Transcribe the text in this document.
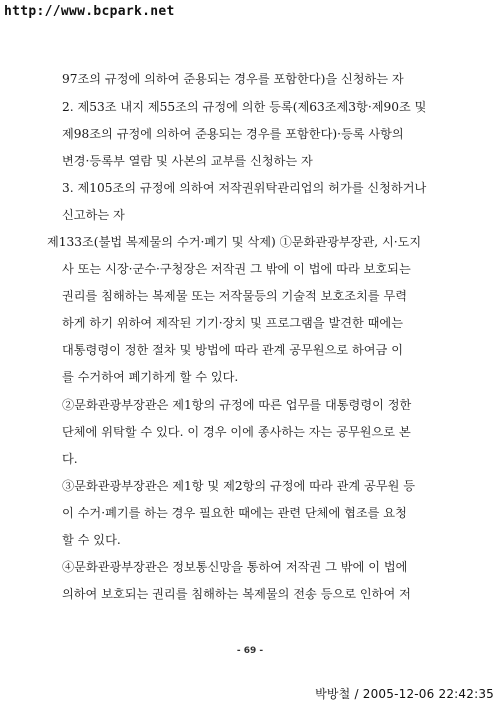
http://www.bcpark.net
97조의 규정에 의하여 준용되는 경우를 포함한다)을 신청하는 자
2. 제53조 내지 제55조의 규정에 의한 등록(제63조제3항·제90조 및
제98조의 규정에 의하여 준용되는 경우를 포함한다)·등록 사항의
변경·등록부 열람 및 사본의 교부를 신청하는 자
3. 제105조의 규정에 의하여 저작권위탁관리업의 허가를 신청하거나
신고하는 자
제133조(불법 복제물의 수거·폐기 및 삭제) ①문화관광부장관, 시·도지
사 또는 시장·군수·구청장은 저작권 그 밖에 이 법에 따라 보호되는
권리를 침해하는 복제물 또는 저작물등의 기술적 보호조치를 무력
하게 하기 위하여 제작된 기기·장치 및 프로그램을 발견한 때에는
대통령령이 정한 절차 및 방법에 따라 관계 공무원으로 하여금 이
를 수거하여 폐기하게 할 수 있다.
②문화관광부장관은 제1항의 규정에 따른 업무를 대통령령이 정한
단체에 위탁할 수 있다. 이 경우 이에 종사하는 자는 공무원으로 본
다.
③문화관광부장관은 제1항 및 제2항의 규정에 따라 관계 공무원 등
이 수거·폐기를 하는 경우 필요한 때에는 관련 단체에 협조를 요청
할 수 있다.
④문화관광부장관은 정보통신망을 통하여 저작권 그 밖에 이 법에
의하여 보호되는 권리를 침해하는 복제물의 전송 등으로 인하여 저
- 69 -
박방철 / 2005-12-06 22:42:35
